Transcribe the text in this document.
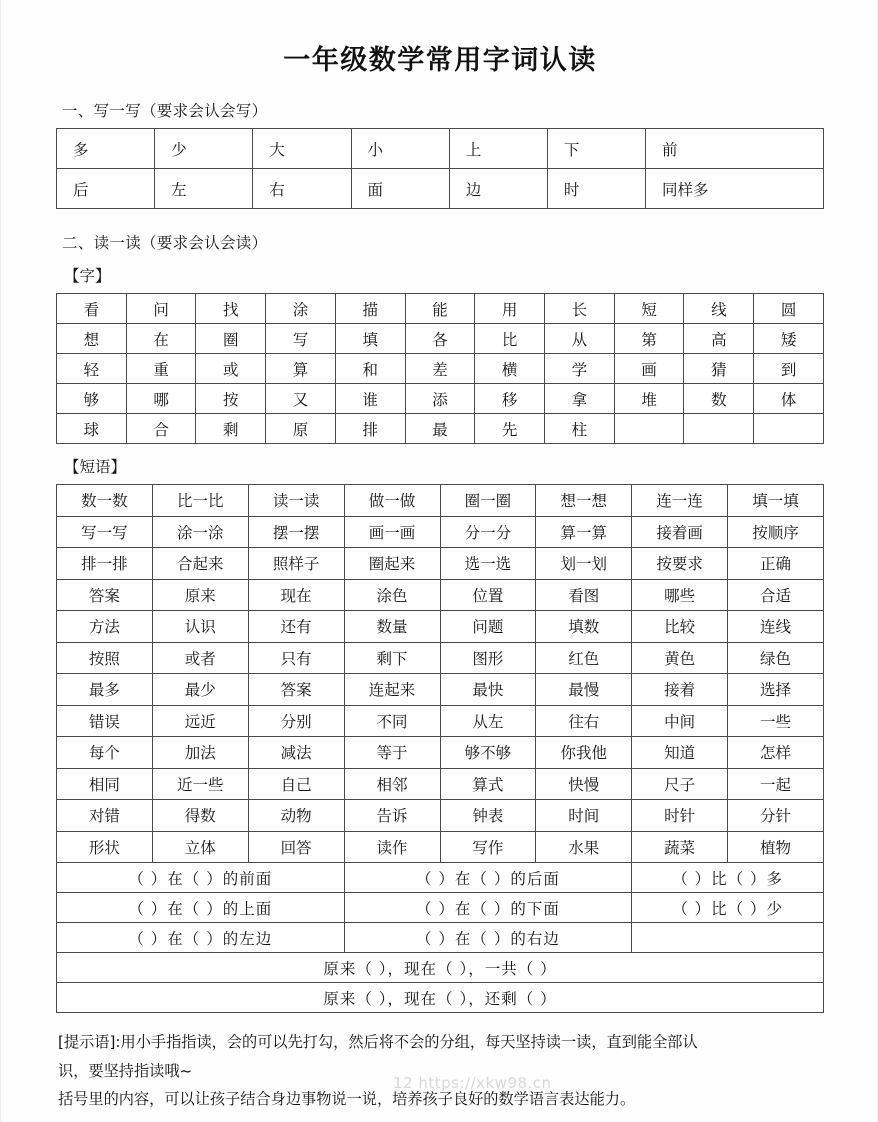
一年级数学常用字词认读
一、写一写（要求会认会写）
多	少	大	小	上	下	前
后	左	右	面	边	时	同样多
二、读一读（要求会认会读）
【字】
看	问	找	涂	描	能	用	长	短	线	圆
想	在	圈	写	填	各	比	从	第	高	矮
轻	重	或	算	和	差	横	学	画	猜	到
够	哪	按	又	谁	添	移	拿	堆	数	体
球	合	剩	原	排	最	先	柱			
【短语】
数一数	比一比	读一读	做一做	圈一圈	想一想	连一连	填一填
写一写	涂一涂	摆一摆	画一画	分一分	算一算	接着画	按顺序
排一排	合起来	照样子	圈起来	选一选	划一划	按要求	正确
答案	原来	现在	涂色	位置	看图	哪些	合适
方法	认识	还有	数量	问题	填数	比较	连线
按照	或者	只有	剩下	图形	红色	黄色	绿色
最多	最少	答案	连起来	最快	最慢	接着	选择
错误	远近	分别	不同	从左	往右	中间	一些
每个	加法	减法	等于	够不够	你我他	知道	怎样
相同	近一些	自己	相邻	算式	快慢	尺子	一起
对错	得数	动物	告诉	钟表	时间	时针	分针
形状	立体	回答	读作	写作	水果	蔬菜	植物
（ ）在（ ）的前面			（ ）在（ ）的后面			（ ）比（ ）多	
（ ）在（ ）的上面			（ ）在（ ）的下面			（ ）比（ ）少	
（ ）在（ ）的左边			（ ）在（ ）的右边				
原来（ ），现在（ ），一共（ ）							
原来（ ），现在（ ），还剩（ ）							

[提示语]:用小手指指读，会的可以先打勾，然后将不会的分组，每天坚持读一读，直到能全部认

识，要坚持指读哦~

括号里的内容，可以让孩子结合身边事物说一说，培养孩子良好的数学语言表达能力。

12 https://xkw98.cn
